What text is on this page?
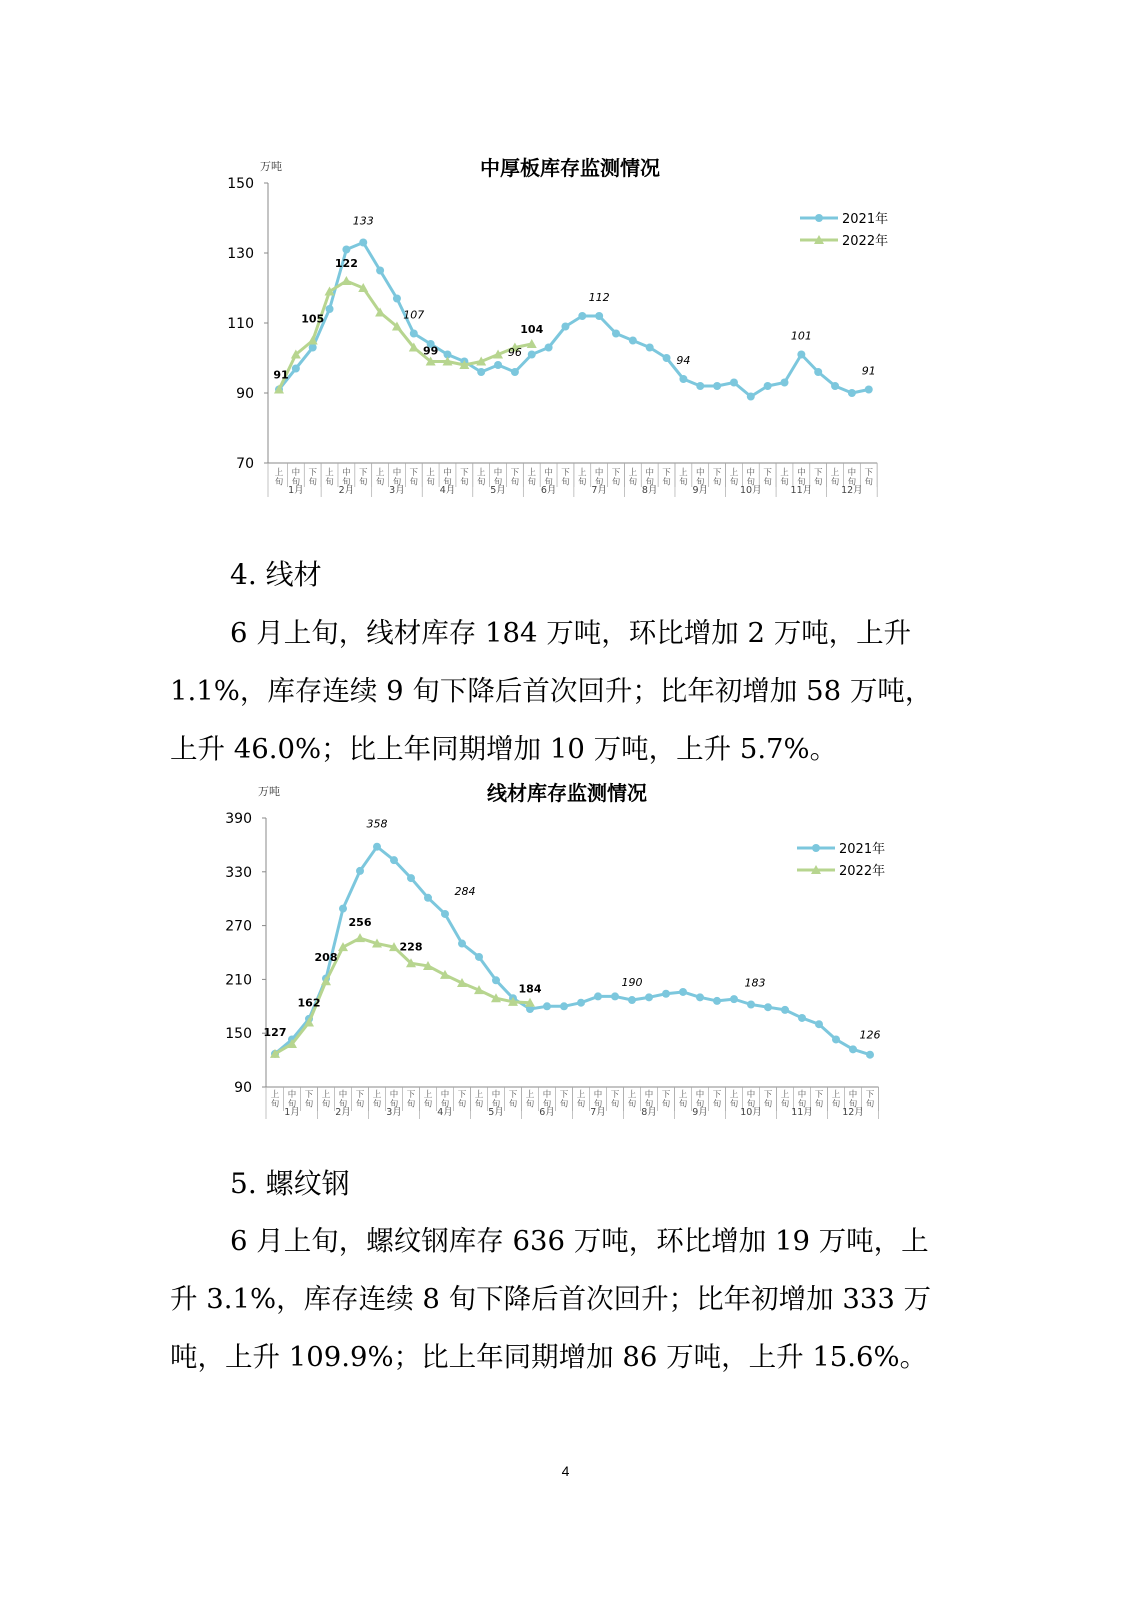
中厚板库存监测情况
万吨
70
90
110
130
150
上旬
中旬
下旬
上旬
中旬
下旬
上旬
中旬
下旬
上旬
中旬
下旬
上旬
中旬
下旬
上旬
中旬
下旬
上旬
中旬
下旬
上旬
中旬
下旬
上旬
中旬
下旬
上旬
中旬
下旬
上旬
中旬
下旬
上旬
中旬
下旬
1月	2月	3月	4月	5月	6月	7月	8月	9月	10月	11月	12月
133
107
96
112
94
101
91
91
105
122
99
104
2021年
2022年
4. 线材
6 月上旬，线材库存 184 万吨，环比增加 2 万吨，上升
1.1%，库存连续 9 旬下降后首次回升；比年初增加 58 万吨，
上升 46.0%；比上年同期增加 10 万吨，上升 5.7%。
线材库存监测情况
万吨
90
150
210
270
330
390
上旬
中旬
下旬
上旬
中旬
下旬
上旬
中旬
下旬
上旬
中旬
下旬
上旬
中旬
下旬
上旬
中旬
下旬
上旬
中旬
下旬
上旬
中旬
下旬
上旬
中旬
下旬
上旬
中旬
下旬
上旬
中旬
下旬
上旬
中旬
下旬
1月	2月	3月	4月	5月	6月	7月	8月	9月	10月	11月	12月
358
284
190	183
126
127
162
208
256
228
184
2021年
2022年
5. 螺纹钢
6 月上旬，螺纹钢库存 636 万吨，环比增加 19 万吨，上
升 3.1%，库存连续 8 旬下降后首次回升；比年初增加 333 万
吨，上升 109.9%；比上年同期增加 86 万吨，上升 15.6%。
4
